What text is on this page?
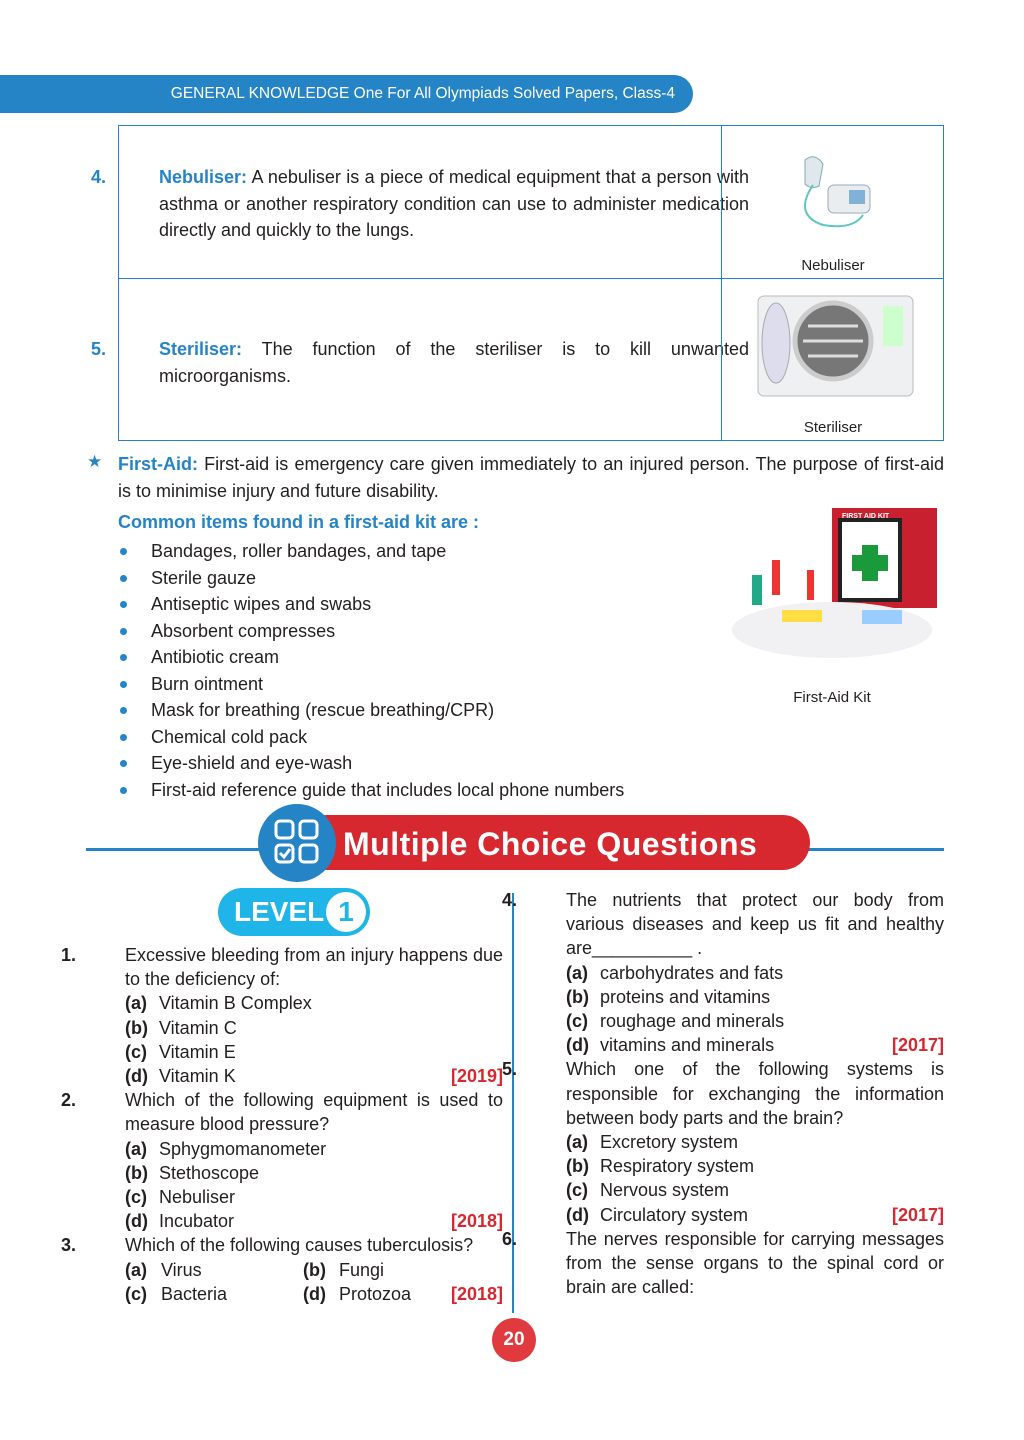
GENERAL KNOWLEDGE One For All Olympiads Solved Papers, Class-4
4.	Nebuliser: A nebuliser is a piece of medical equipment that a person with asthma or another respiratory condition can use to administer medication directly and quickly to the lungs.
Nebuliser
5.	Steriliser: The function of the steriliser is to kill unwanted microorganisms.
Steriliser
★ First-Aid: First-aid is emergency care given immediately to an injured person. The purpose of first-aid is to minimise injury and future disability.
Common items found in a first-aid kit are :
Bandages, roller bandages, and tape
Sterile gauze
Antiseptic wipes and swabs
Absorbent compresses
Antibiotic cream
Burn ointment
Mask for breathing (rescue breathing/CPR)
Chemical cold pack
Eye-shield and eye-wash
First-aid reference guide that includes local phone numbers
FIRST AID KIT
First-Aid Kit
Multiple Choice Questions
LEVEL 1
1.	Excessive bleeding from an injury happens due to the deficiency of:
(a) Vitamin B Complex
(b) Vitamin C
(c) Vitamin E
(d) Vitamin K	[2019]
2.	Which of the following equipment is used to measure blood pressure?
(a) Sphygmomanometer
(b) Stethoscope
(c) Nebuliser
(d) Incubator	[2018]
3.	Which of the following causes tuberculosis?
(a) Virus	(b) Fungi
(c) Bacteria	(d) Protozoa [2018]
4.	The nutrients that protect our body from various diseases and keep us fit and healthy are__________ .
(a) carbohydrates and fats
(b) proteins and vitamins
(c) roughage and minerals
(d) vitamins and minerals	[2017]
5.	Which one of the following systems is responsible for exchanging the information between body parts and the brain?
(a) Excretory system
(b) Respiratory system
(c) Nervous system
(d) Circulatory system	[2017]
6.	The nerves responsible for carrying messages from the sense organs to the spinal cord or brain are called:
20
